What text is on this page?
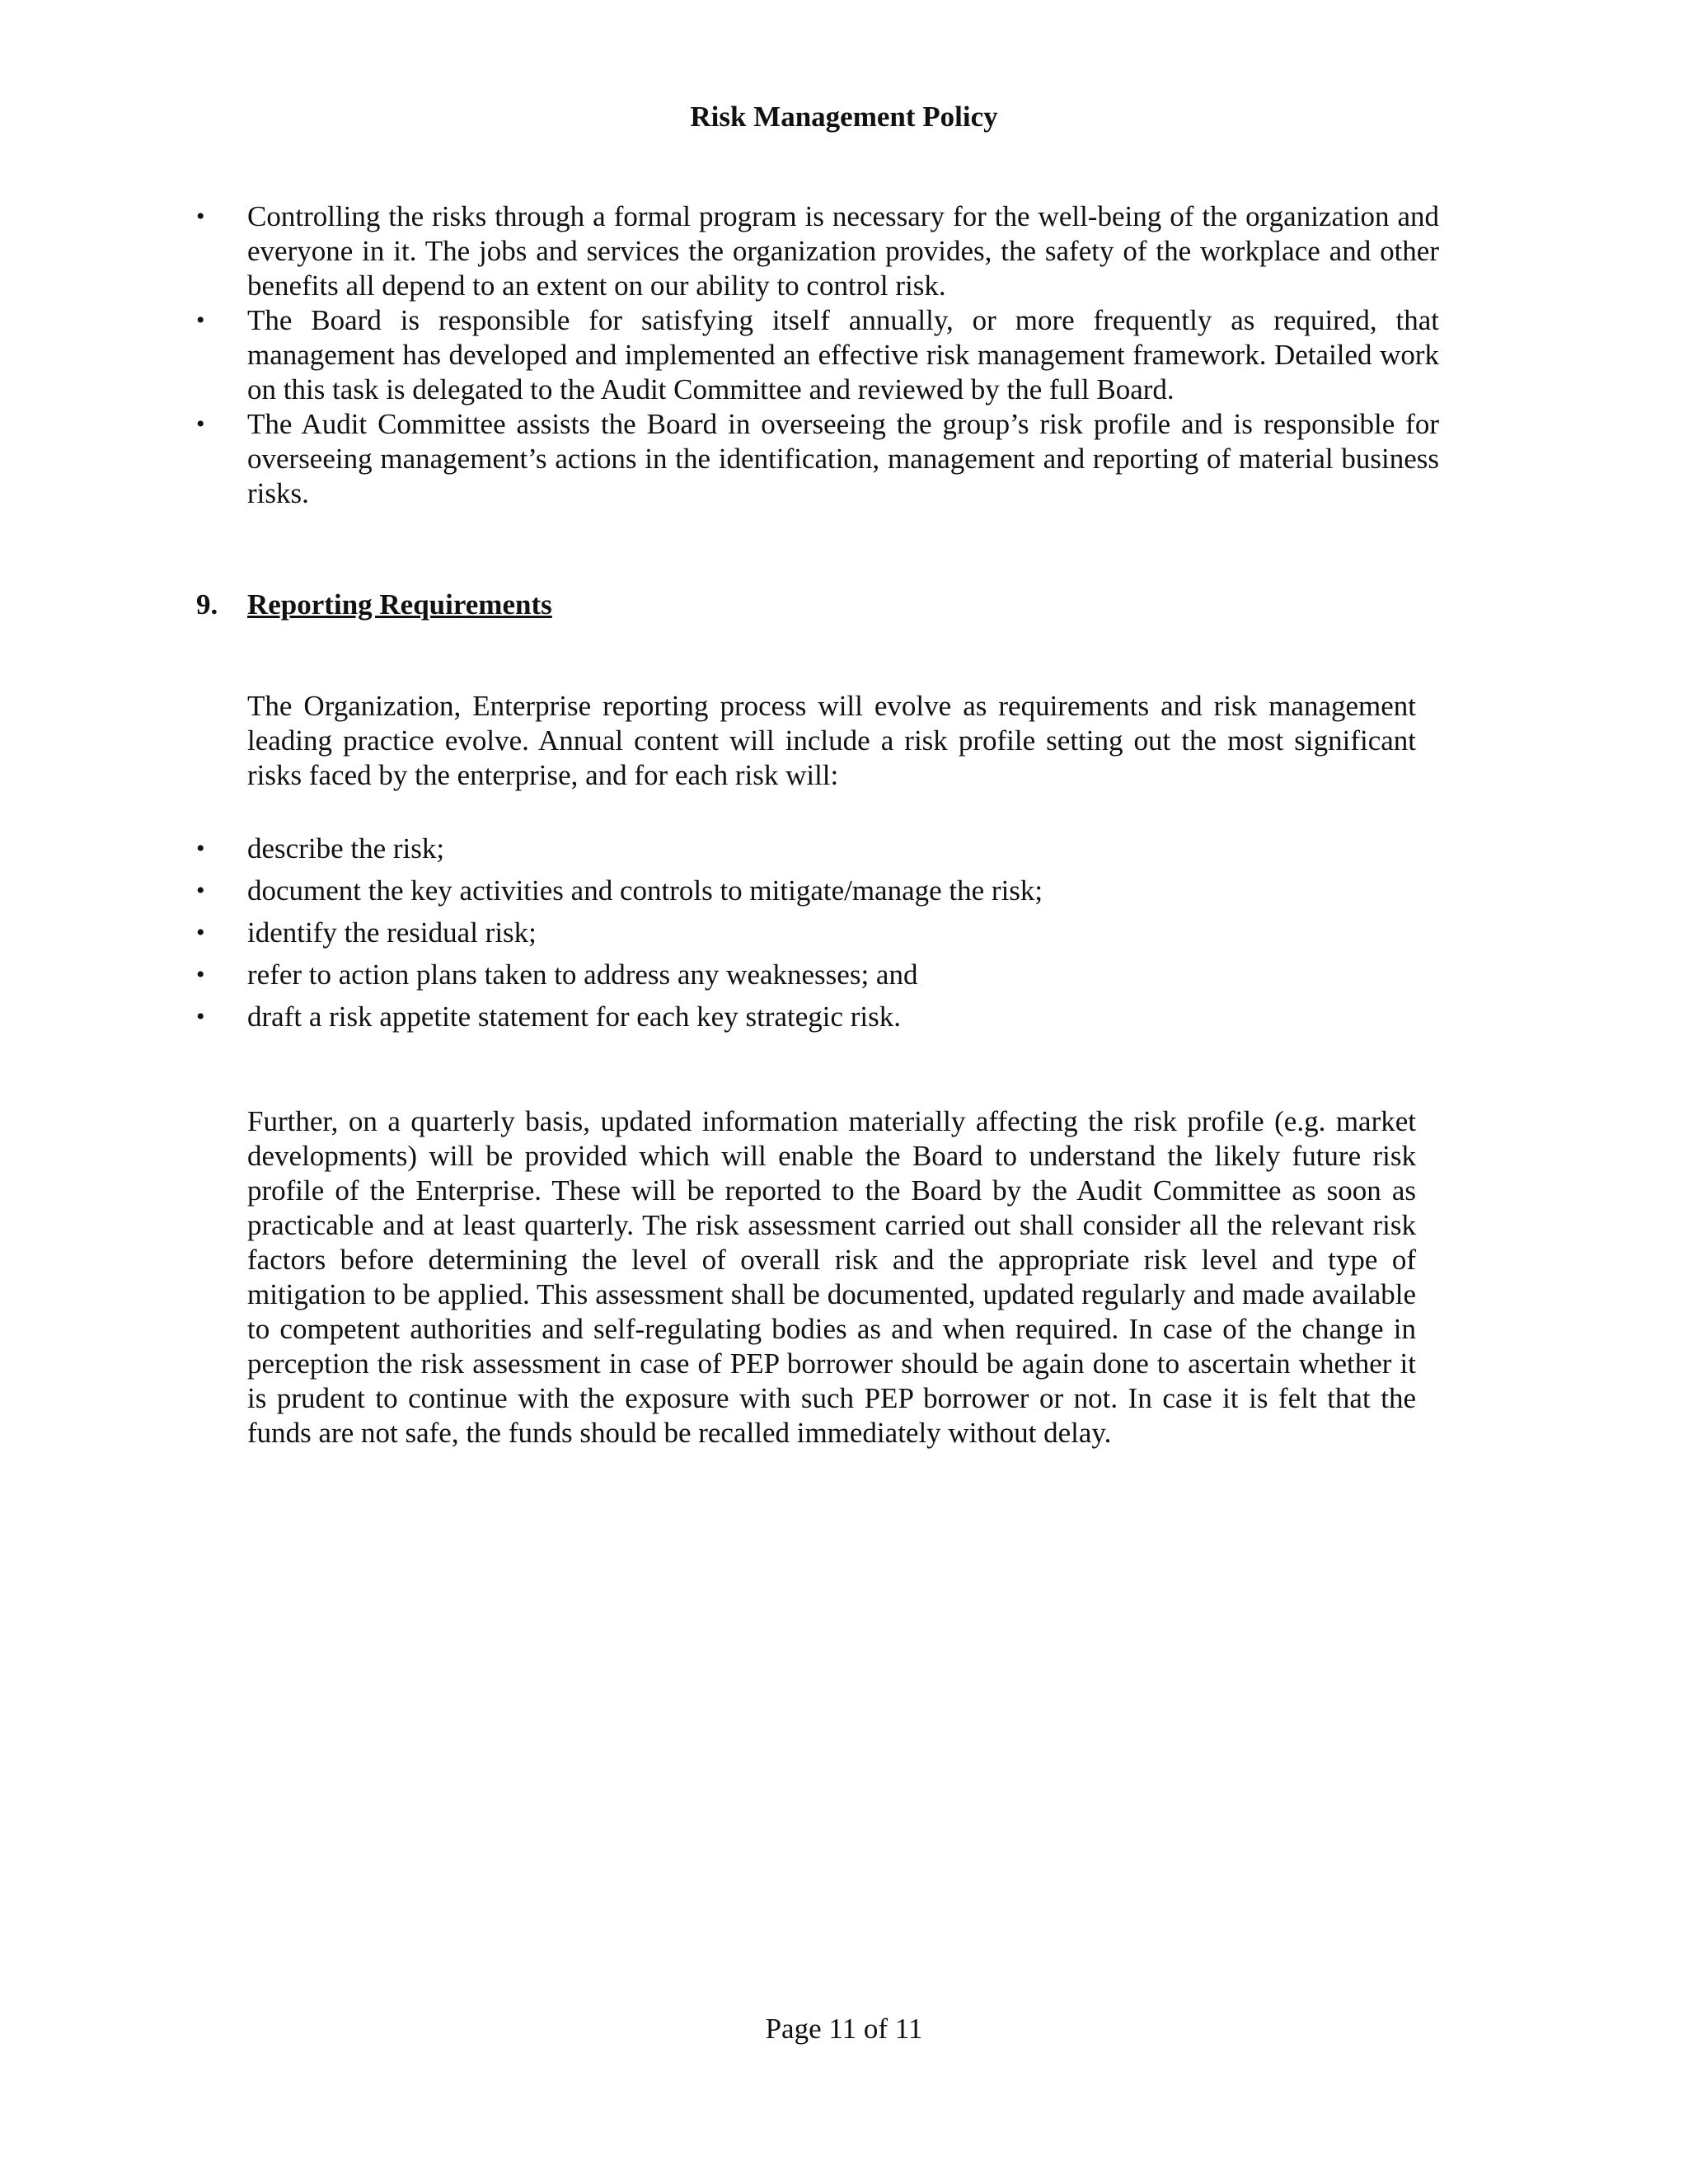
Risk Management Policy
•	Controlling the risks through a formal program is necessary for the well-being of the organization and everyone in it. The jobs and services the organization provides, the safety of the workplace and other benefits all depend to an extent on our ability to control risk.
•	The Board is responsible for satisfying itself annually, or more frequently as required, that management has developed and implemented an effective risk management framework. Detailed work on this task is delegated to the Audit Committee and reviewed by the full Board.
•	The Audit Committee assists the Board in overseeing the group’s risk profile and is responsible for overseeing management’s actions in the identification, management and reporting of material business risks.
9. Reporting Requirements

The Organization, Enterprise reporting process will evolve as requirements and risk management leading practice evolve. Annual content will include a risk profile setting out the most significant risks faced by the enterprise, and for each risk will:

•	describe the risk;
•	document the key activities and controls to mitigate/manage the risk;
•	identify the residual risk;
•	refer to action plans taken to address any weaknesses; and
•	draft a risk appetite statement for each key strategic risk.

Further, on a quarterly basis, updated information materially affecting the risk profile (e.g. market developments) will be provided which will enable the Board to understand the likely future risk profile of the Enterprise. These will be reported to the Board by the Audit Committee as soon as practicable and at least quarterly. The risk assessment carried out shall consider all the relevant risk factors before determining the level of overall risk and the appropriate risk level and type of mitigation to be applied. This assessment shall be documented, updated regularly and made available to competent authorities and self-regulating bodies as and when required. In case of the change in perception the risk assessment in case of PEP borrower should be again done to ascertain whether it is prudent to continue with the exposure with such PEP borrower or not. In case it is felt that the funds are not safe, the funds should be recalled immediately without delay.

Page 11 of 11
